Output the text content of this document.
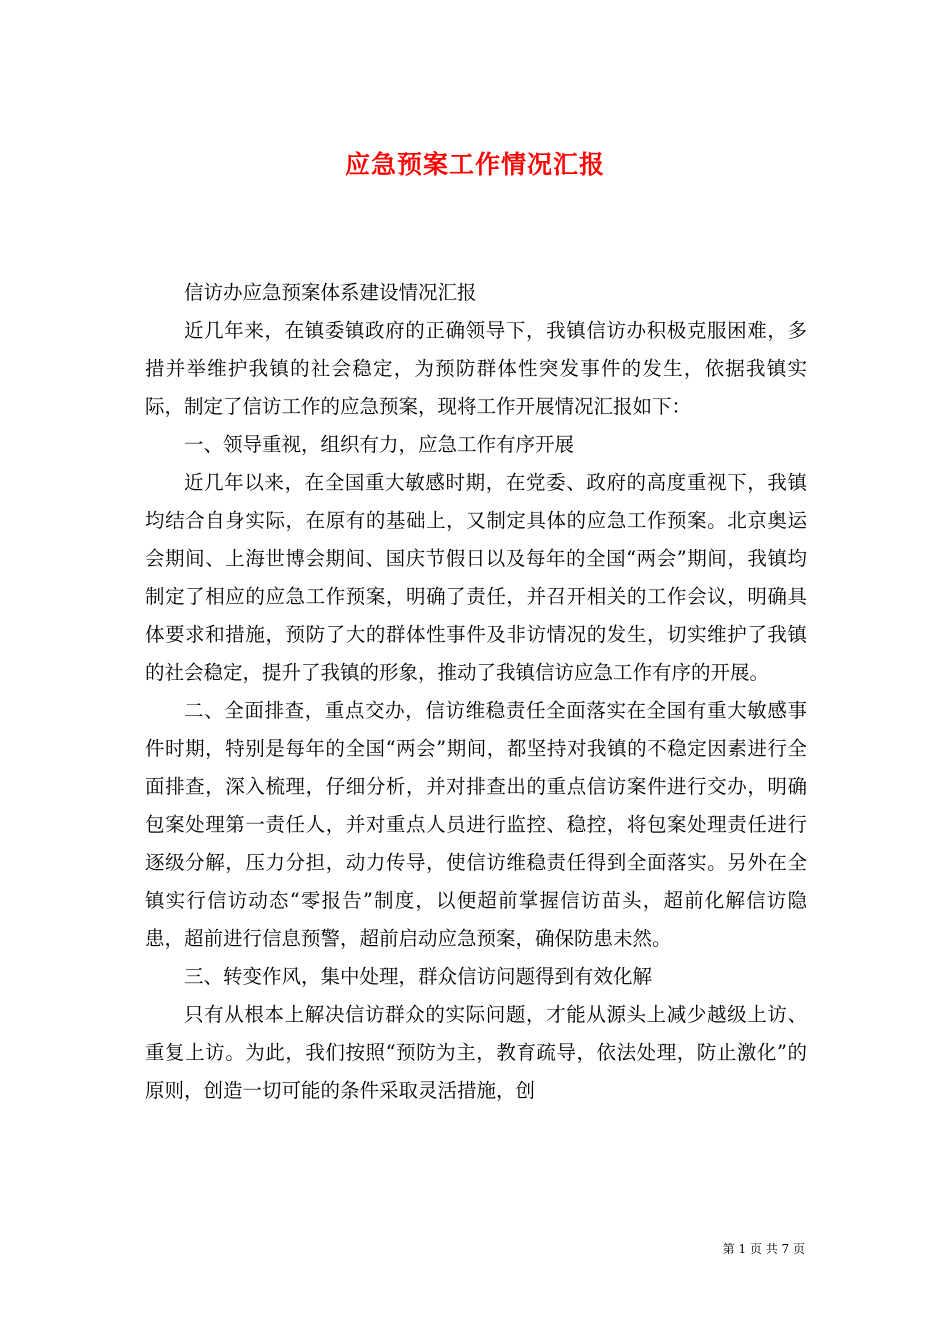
应急预案工作情况汇报

信访办应急预案体系建设情况汇报

近几年来，在镇委镇政府的正确领导下，我镇信访办积极克服困难，多措并举维护我镇的社会稳定，为预防群体性突发事件的发生，依据我镇实际，制定了信访工作的应急预案，现将工作开展情况汇报如下：

一、领导重视，组织有力，应急工作有序开展

近几年以来，在全国重大敏感时期，在党委、政府的高度重视下，我镇均结合自身实际，在原有的基础上，又制定具体的应急工作预案。北京奥运会期间、上海世博会期间、国庆节假日以及每年的全国“两会”期间，我镇均制定了相应的应急工作预案，明确了责任，并召开相关的工作会议，明确具体要求和措施，预防了大的群体性事件及非访情况的发生，切实维护了我镇的社会稳定，提升了我镇的形象，推动了我镇信访应急工作有序的开展。

二、全面排查，重点交办，信访维稳责任全面落实在全国有重大敏感事件时期，特别是每年的全国“两会”期间，都坚持对我镇的不稳定因素进行全面排查，深入梳理，仔细分析，并对排查出的重点信访案件进行交办，明确包案处理第一责任人，并对重点人员进行监控、稳控，将包案处理责任进行逐级分解，压力分担，动力传导，使信访维稳责任得到全面落实。另外在全镇实行信访动态“零报告”制度，以便超前掌握信访苗头，超前化解信访隐患，超前进行信息预警，超前启动应急预案，确保防患未然。

三、转变作风，集中处理，群众信访问题得到有效化解

只有从根本上解决信访群众的实际问题，才能从源头上减少越级上访、重复上访。为此，我们按照“预防为主，教育疏导，依法处理，防止激化”的原则，创造一切可能的条件采取灵活措施，创

第 1 页 共 7 页
